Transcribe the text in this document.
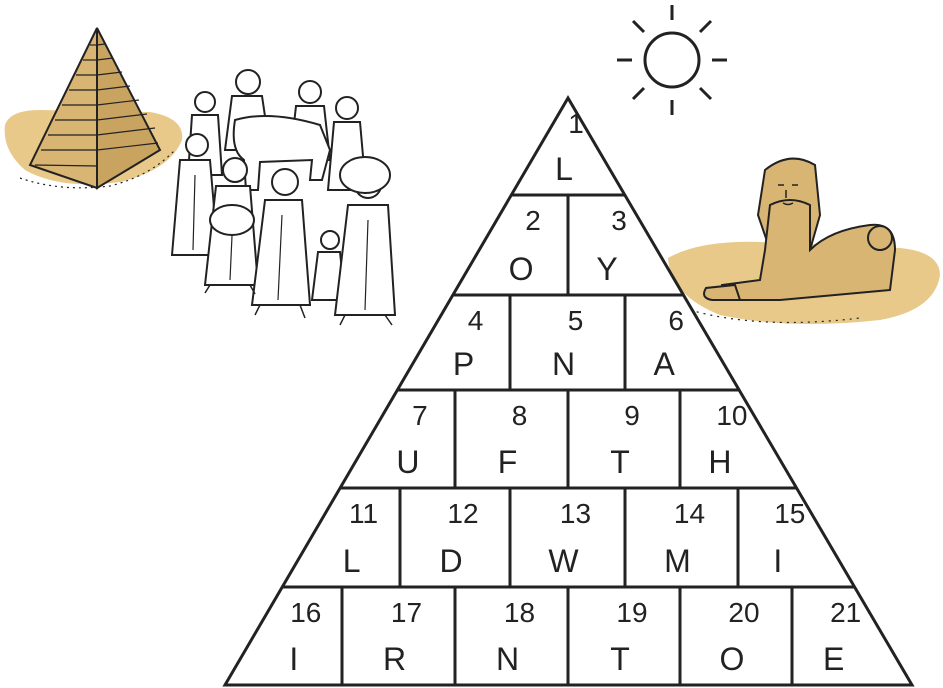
1
L
2
O
3
Y
4
P
5
N
6
A
7
U
8
F
9
T
10
H
11
L
12
D
13
W
14
M
15
I
16
I
17
R
18
N
19
T
20
O
21
E
